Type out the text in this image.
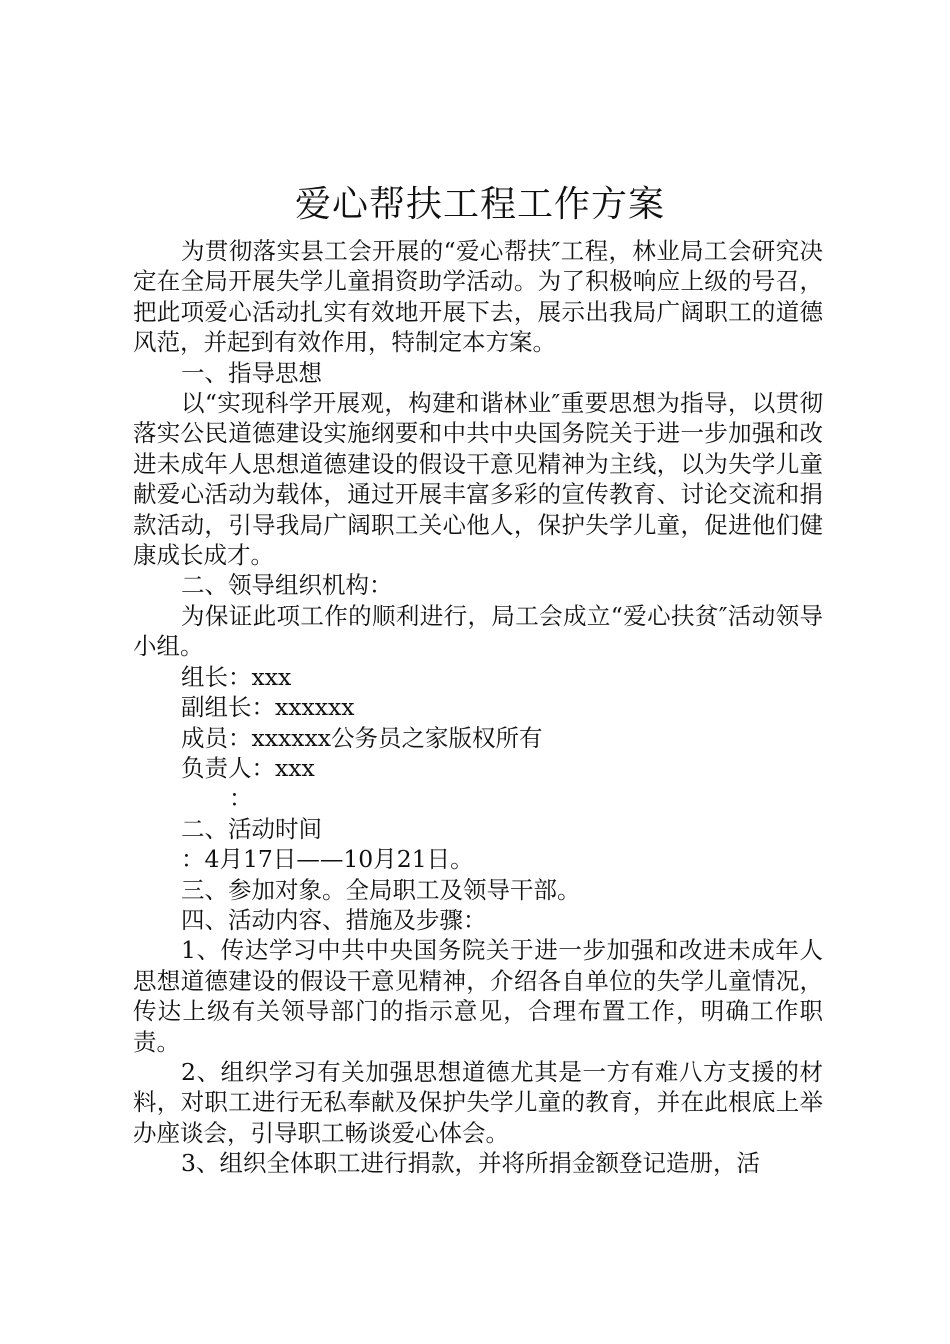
爱心帮扶工程工作方案

为贯彻落实县工会开展的“爱心帮扶″工程，林业局工会研究决定在全局开展失学儿童捐资助学活动。为了积极响应上级的号召，把此项爱心活动扎实有效地开展下去，展示出我局广阔职工的道德风范，并起到有效作用，特制定本方案。

一、指导思想

以“实现科学开展观，构建和谐林业″重要思想为指导，以贯彻落实公民道德建设实施纲要和中共中央国务院关于进一步加强和改进未成年人思想道德建设的假设干意见精神为主线，以为失学儿童献爱心活动为载体，通过开展丰富多彩的宣传教育、讨论交流和捐款活动，引导我局广阔职工关心他人，保护失学儿童，促进他们健康成长成才。

二、领导组织机构：

为保证此项工作的顺利进行，局工会成立“爱心扶贫″活动领导小组。

组长：xxx

副组长：xxxxxx

成员：xxxxxx公务员之家版权所有

负责人：xxx

：

二、活动时间

：4月17日——10月21日。

三、参加对象。全局职工及领导干部。

四、活动内容、措施及步骤：

1、传达学习中共中央国务院关于进一步加强和改进未成年人思想道德建设的假设干意见精神，介绍各自单位的失学儿童情况，传达上级有关领导部门的指示意见，合理布置工作，明确工作职责。

2、组织学习有关加强思想道德尤其是一方有难八方支援的材料，对职工进行无私奉献及保护失学儿童的教育，并在此根底上举办座谈会，引导职工畅谈爱心体会。

3、组织全体职工进行捐款，并将所捐金额登记造册，活
